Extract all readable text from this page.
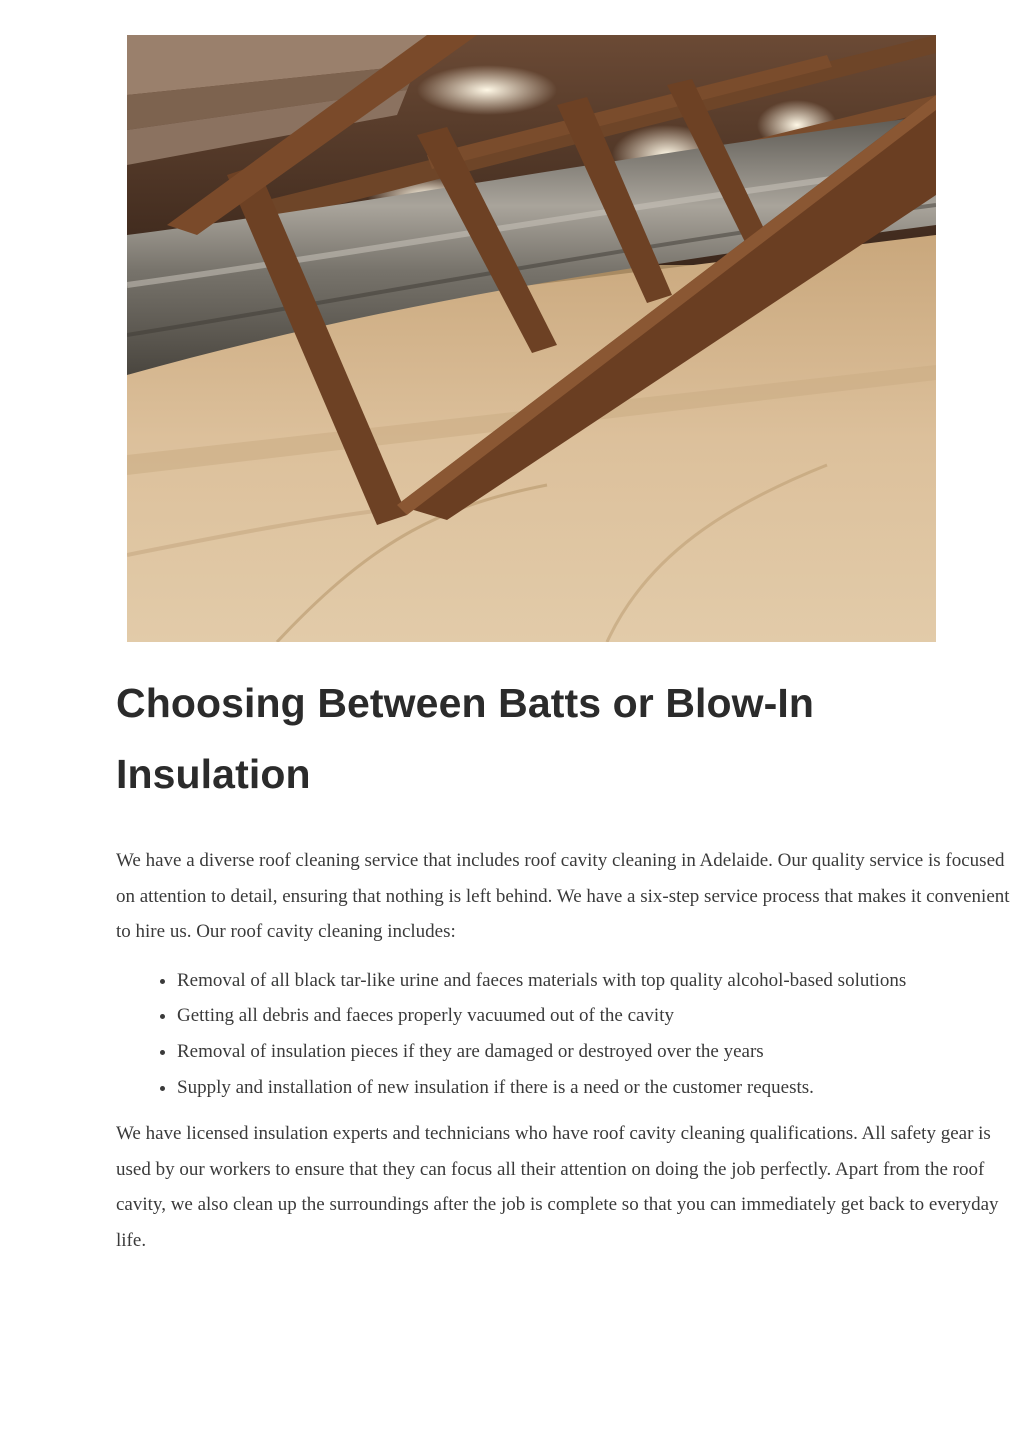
Choosing Between Batts or Blow-In Insulation

We have a diverse roof cleaning service that includes roof cavity cleaning in Adelaide. Our quality service is focused on attention to detail, ensuring that nothing is left behind. We have a six-step service process that makes it convenient to hire us. Our roof cavity cleaning includes:

• Removal of all black tar-like urine and faeces materials with top quality alcohol-based solutions
• Getting all debris and faeces properly vacuumed out of the cavity
• Removal of insulation pieces if they are damaged or destroyed over the years
• Supply and installation of new insulation if there is a need or the customer requests.

We have licensed insulation experts and technicians who have roof cavity cleaning qualifications. All safety gear is used by our workers to ensure that they can focus all their attention on doing the job perfectly. Apart from the roof cavity, we also clean up the surroundings after the job is complete so that you can immediately get back to everyday life.
